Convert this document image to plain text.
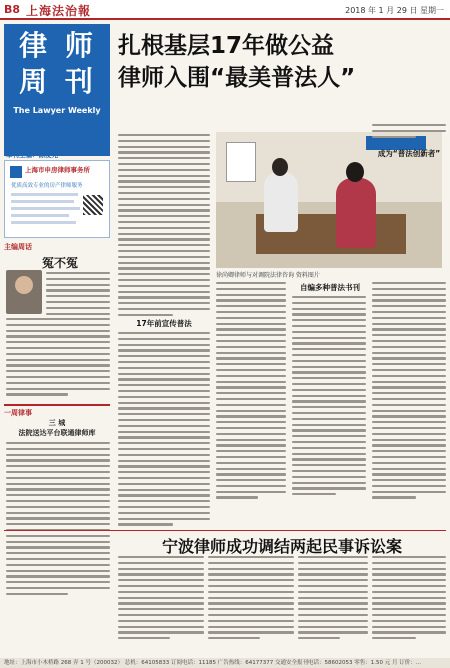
B8 上海法治報	2018 年 1 月 29 日 星期一
律 师
周 刊
The Lawyer Weekly
本刊主编：陈发光
上海市申房律师事务所
优质高效专业的房产律师服务
主编周话
冤不冤
一周律事
三 城
法院送达平台联通律师库
扎根基层17年做公益
律师入围“最美普法人”
17年前宣传普法
徐尚卿律师与对调院法律咨询 资料图片
自编多种普法书刊
成为“普法创新者”
宁波律师成功调结两起民事诉讼案
地址：上海市小木桥路 268 弄 1 号（200032） 总机：64105833 订阅电话：11185 广告热线：64177377 交通安全报刊电话：58602053 零售：1.50 元 月 订价：...
